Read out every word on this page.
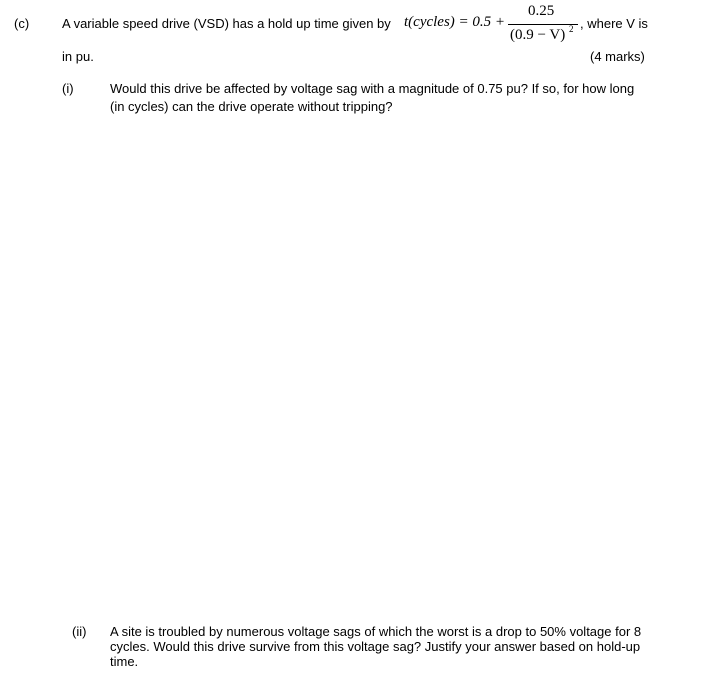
(c)	A variable speed drive (VSD) has a hold up time given by t(cycles) = 0.5 +
0.25
(0.9 − V) 2 , where V is
in pu.	(4 marks)
(i)	Would this drive be affected by voltage sag with a magnitude of 0.75 pu? If so, for how long
(in cycles) can the drive operate without tripping?
(ii) A site is troubled by numerous voltage sags of which the worst is a drop to 50% voltage for 8
cycles. Would this drive survive from this voltage sag? Justify your answer based on hold-up
time.
